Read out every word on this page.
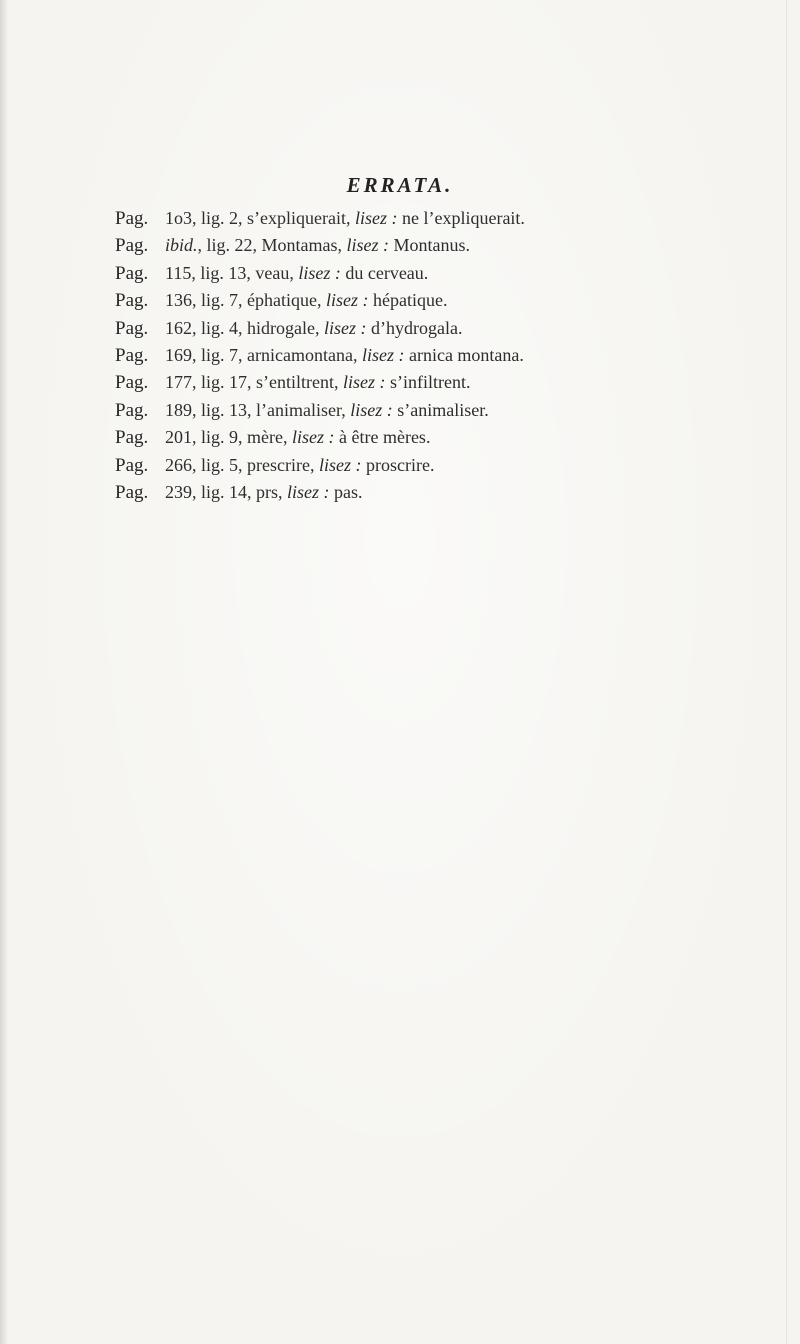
ERRATA.
Pag. 1o3, lig. 2, s’expliquerait, lisez : ne l’expliquerait.
Pag. ibid., lig. 22, Montamas, lisez : Montanus.
Pag. 115, lig. 13, veau, lisez : du cerveau.
Pag. 136, lig. 7, éphatique, lisez : hépatique.
Pag. 162, lig. 4, hidrogale, lisez : d’hydrogala.
Pag. 169, lig. 7, arnicamontana, lisez : arnica montana.
Pag. 177, lig. 17, s’entiltrent, lisez : s’infiltrent.
Pag. 189, lig. 13, l’animaliser, lisez : s’animaliser.
Pag. 201, lig. 9, mère, lisez : à être mères.
Pag. 266, lig. 5, prescrire, lisez : proscrire.
Pag. 239, lig. 14, prs, lisez : pas.
